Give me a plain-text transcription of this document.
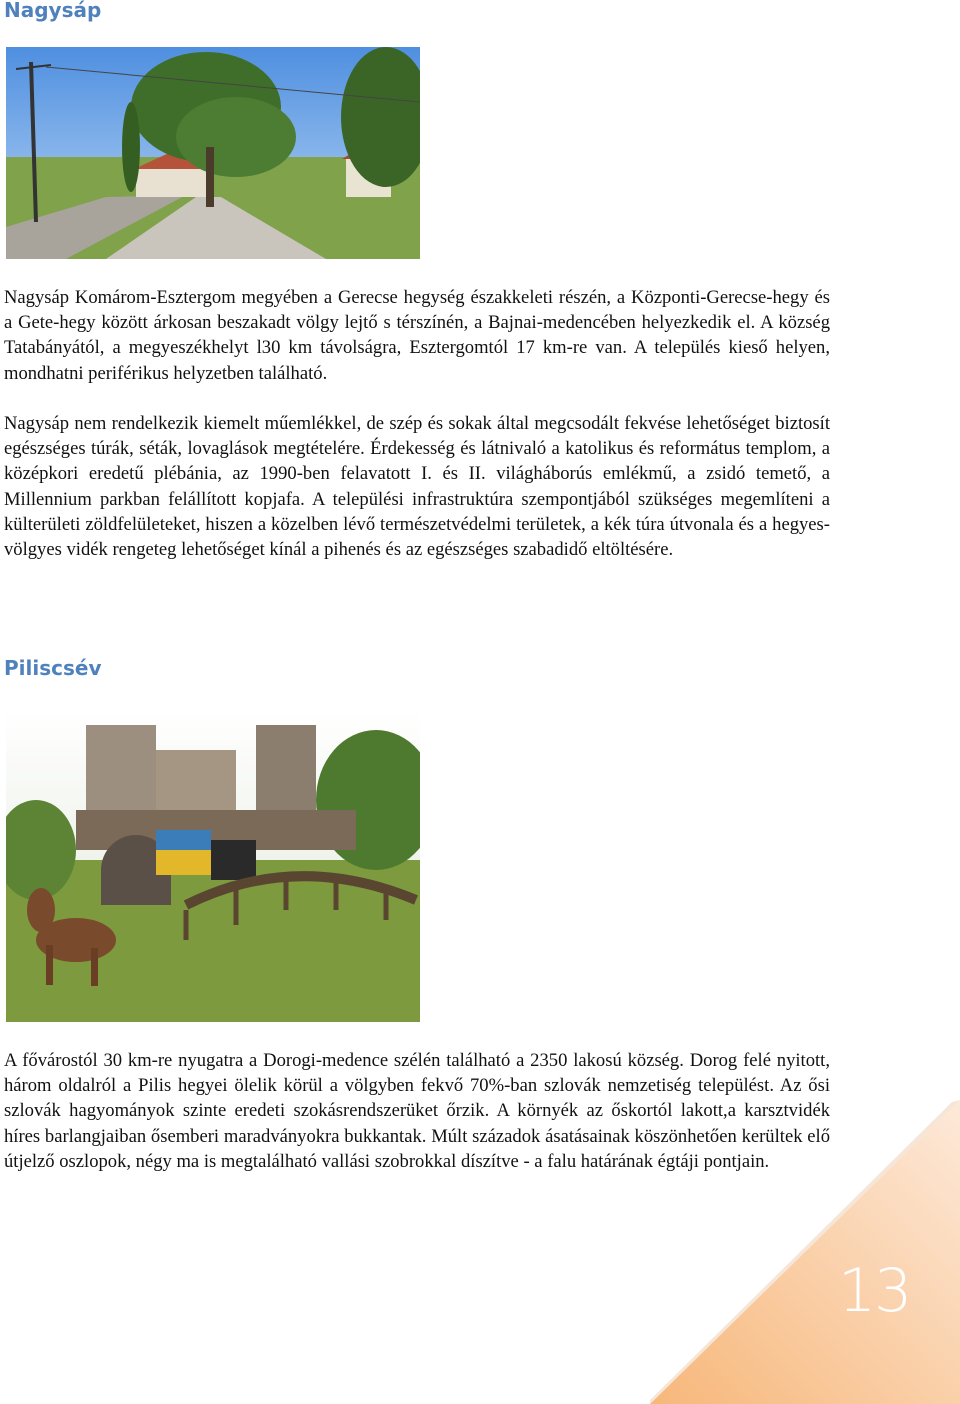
Nagysáp

Nagysáp Komárom-Esztergom megyében a Gerecse hegység északkeleti részén, a Központi-Gerecse-hegy és a Gete-hegy között árkosan beszakadt völgy lejtő s térszínén, a Bajnai-medencében helyezkedik el. A község Tatabányától, a megyeszékhelyt l30 km távolságra, Esztergomtól 17 km-re van. A település kieső helyen, mondhatni periférikus helyzetben található.

Nagysáp nem rendelkezik kiemelt műemlékkel, de szép és sokak által megcsodált fekvése lehetőséget biztosít egészséges túrák, séták, lovaglások megtételére. Érdekesség és látnivaló a katolikus és református templom, a középkori eredetű plébánia, az 1990-ben felavatott I. és II. világháborús emlékmű, a zsidó temető, a Millennium parkban felállított kopjafa. A települési infrastruktúra szempontjából szükséges megemlíteni a külterületi zöldfelületeket, hiszen a közelben lévő természetvédelmi területek, a kék túra útvonala és a hegyes-völgyes vidék rengeteg lehetőséget kínál a pihenés és az egészséges szabadidő eltöltésére.

Piliscsév

A fővárostól 30 km-re nyugatra a Dorogi-medence szélén található a 2350 lakosú község. Dorog felé nyitott, három oldalról a Pilis hegyei ölelik körül a völgyben fekvő 70%-ban szlovák nemzetiség települést. Az ősi szlovák hagyományok szinte eredeti szokásrendszerüket őrzik. A környék az őskortól lakott,a karsztvidék híres barlangjaiban ősemberi maradványokra bukkantak. Múlt századok ásatásainak köszönhetően kerültek elő útjelző oszlopok, négy ma is megtalálható vallási szobrokkal díszítve - a falu határának égtáji pontjain.

13
